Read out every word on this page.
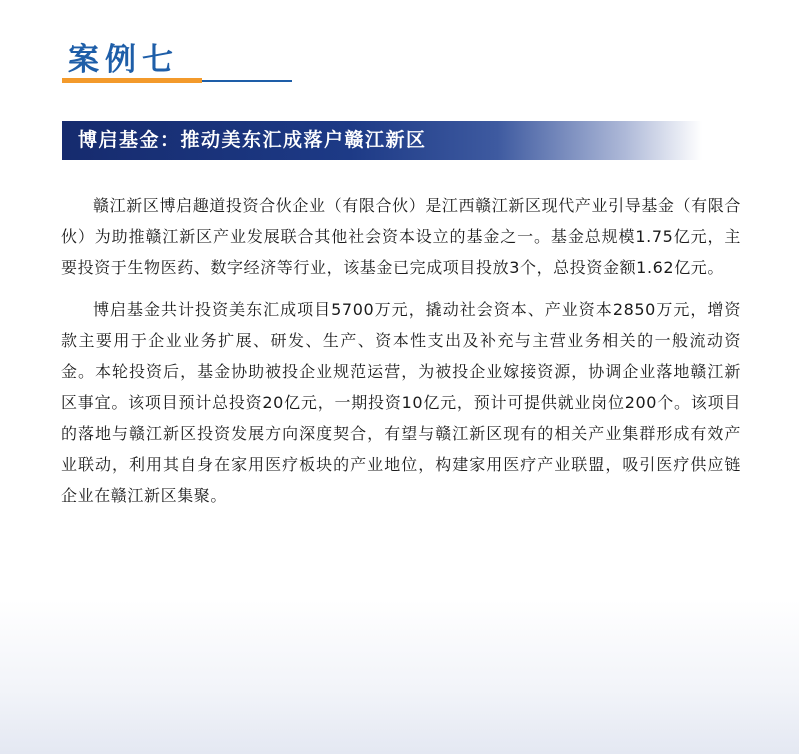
案例七
博启基金：推动美东汇成落户赣江新区

赣江新区博启趣道投资合伙企业（有限合伙）是江西赣江新区现代产业引导基金（有限合伙）为助推赣江新区产业发展联合其他社会资本设立的基金之一。基金总规模1.75亿元，主要投资于生物医药、数字经济等行业，该基金已完成项目投放3个，总投资金额1.62亿元。

博启基金共计投资美东汇成项目5700万元，撬动社会资本、产业资本2850万元，增资款主要用于企业业务扩展、研发、生产、资本性支出及补充与主营业务相关的一般流动资金。本轮投资后，基金协助被投企业规范运营，为被投企业嫁接资源，协调企业落地赣江新区事宜。该项目预计总投资20亿元，一期投资10亿元，预计可提供就业岗位200个。该项目的落地与赣江新区投资发展方向深度契合，有望与赣江新区现有的相关产业集群形成有效产业联动，利用其自身在家用医疗板块的产业地位，构建家用医疗产业联盟，吸引医疗供应链企业在赣江新区集聚。
